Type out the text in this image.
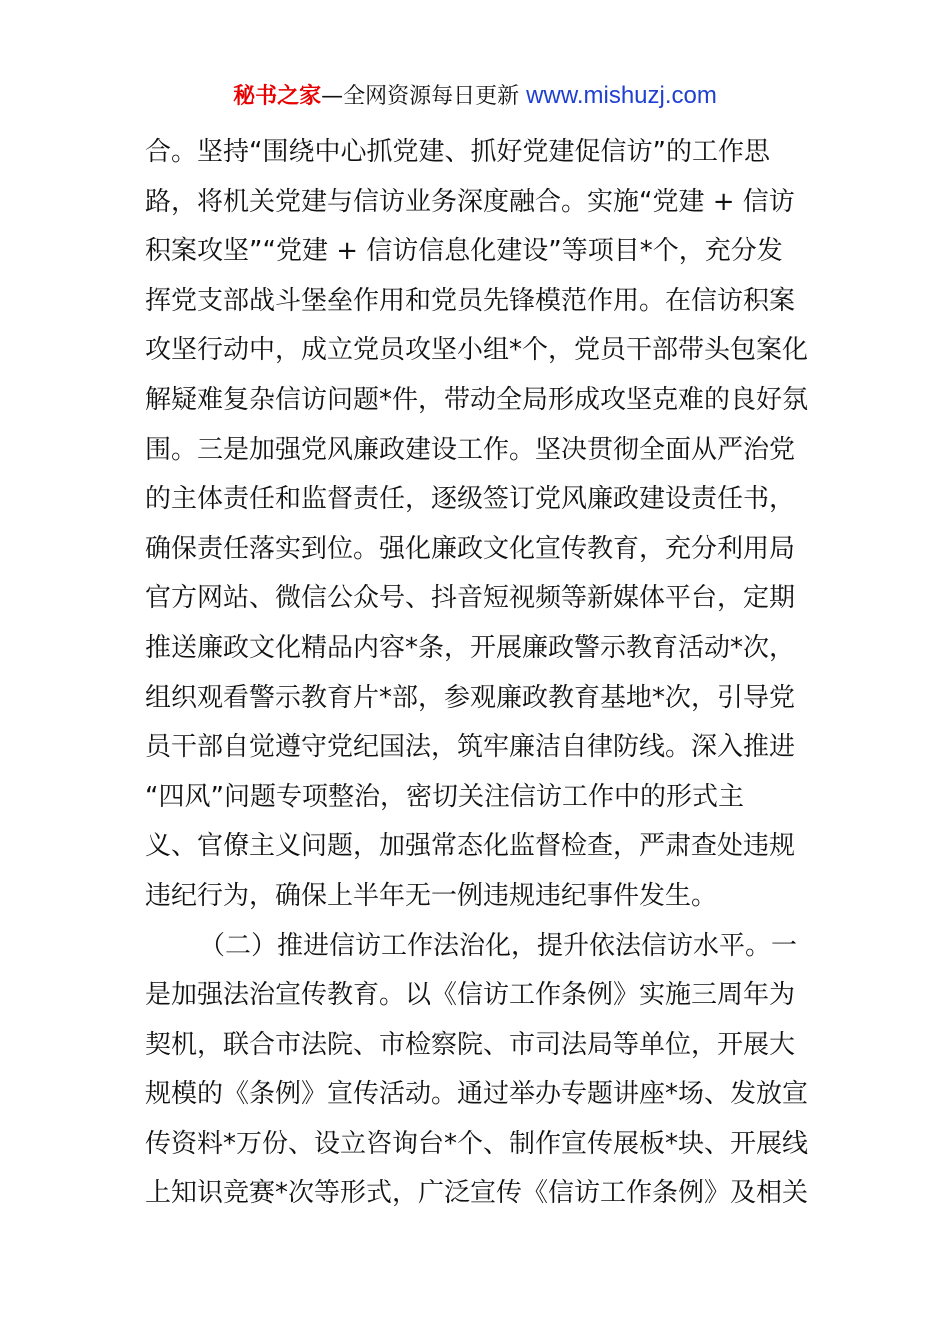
秘书之家—全网资源每日更新 www.mishuzj.com
合。坚持“围绕中心抓党建、抓好党建促信访”的工作思
路，将机关党建与信访业务深度融合。实施“党建 + 信访
积案攻坚”“党建 + 信访信息化建设”等项目*个，充分发
挥党支部战斗堡垒作用和党员先锋模范作用。在信访积案
攻坚行动中，成立党员攻坚小组*个，党员干部带头包案化
解疑难复杂信访问题*件，带动全局形成攻坚克难的良好氛
围。三是加强党风廉政建设工作。坚决贯彻全面从严治党
的主体责任和监督责任，逐级签订党风廉政建设责任书，
确保责任落实到位。强化廉政文化宣传教育，充分利用局
官方网站、微信公众号、抖音短视频等新媒体平台，定期
推送廉政文化精品内容*条，开展廉政警示教育活动*次，
组织观看警示教育片*部，参观廉政教育基地*次，引导党
员干部自觉遵守党纪国法，筑牢廉洁自律防线。深入推进
“四风”问题专项整治，密切关注信访工作中的形式主
义、官僚主义问题，加强常态化监督检查，严肃查处违规
违纪行为，确保上半年无一例违规违纪事件发生。
（二）推进信访工作法治化，提升依法信访水平。一
是加强法治宣传教育。以《信访工作条例》实施三周年为
契机，联合市法院、市检察院、市司法局等单位，开展大
规模的《条例》宣传活动。通过举办专题讲座*场、发放宣
传资料*万份、设立咨询台*个、制作宣传展板*块、开展线
上知识竞赛*次等形式，广泛宣传《信访工作条例》及相关
